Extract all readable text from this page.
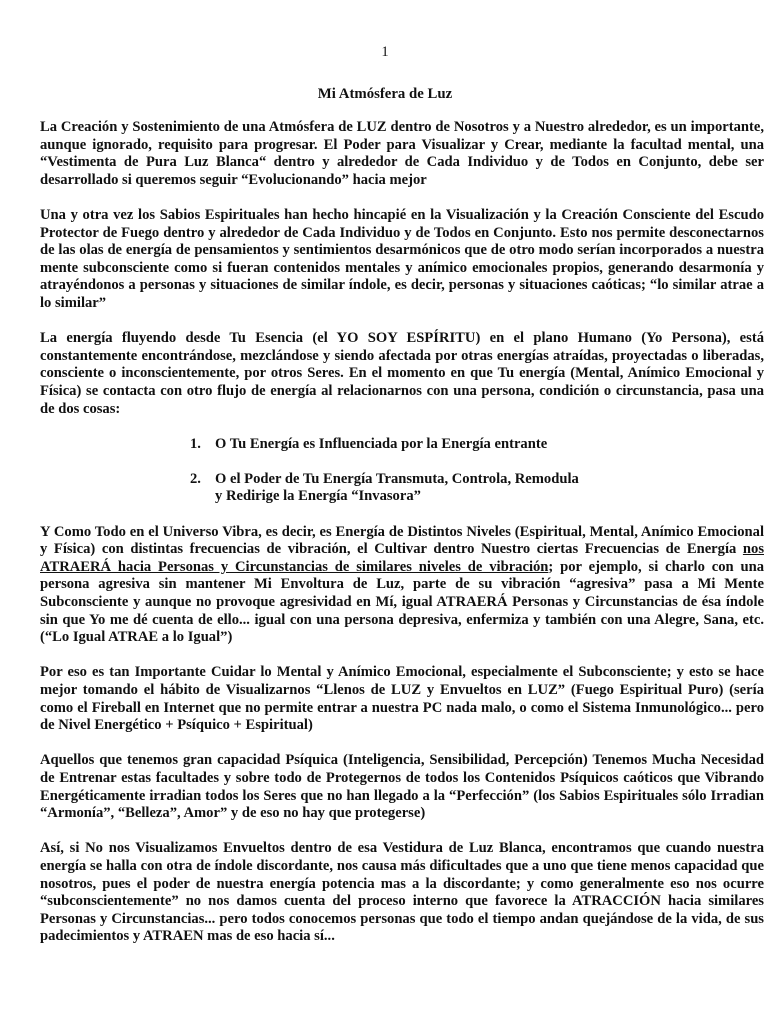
1
Mi Atmósfera de Luz

La Creación y Sostenimiento de una Atmósfera de LUZ dentro de Nosotros y a Nuestro alrededor, es un importante, aunque ignorado, requisito para progresar. El Poder para Visualizar y Crear, mediante la facultad mental, una “Vestimenta de Pura Luz Blanca“ dentro y alrededor de Cada Individuo y de Todos en Conjunto, debe ser desarrollado si queremos seguir “Evolucionando” hacia mejor

Una y otra vez los Sabios Espirituales han hecho hincapié en la Visualización y la Creación Consciente del Escudo Protector de Fuego dentro y alrededor de Cada Individuo y de Todos en Conjunto. Esto nos permite desconectarnos de las olas de energía de pensamientos y sentimientos desarmónicos que de otro modo serían incorporados a nuestra mente subconsciente como si fueran contenidos mentales y anímico emocionales propios, generando desarmonía y atrayéndonos a personas y situaciones de similar índole, es decir, personas y situaciones caóticas; “lo similar atrae a lo similar”

La energía fluyendo desde Tu Esencia (el YO SOY ESPÍRITU) en el plano Humano (Yo Persona), está constantemente encontrándose, mezclándose y siendo afectada por otras energías atraídas, proyectadas o liberadas, consciente o inconscientemente, por otros Seres. En el momento en que Tu energía (Mental, Anímico Emocional y Física) se contacta con otro flujo de energía al relacionarnos con una persona, condición o circunstancia, pasa una de dos cosas:

1. O Tu Energía es Influenciada por la Energía entrante
2. O el Poder de Tu Energía Transmuta, Controla, Remodula
y Redirige la Energía “Invasora”

Y Como Todo en el Universo Vibra, es decir, es Energía de Distintos Niveles (Espiritual, Mental, Anímico Emocional y Física) con distintas frecuencias de vibración, el Cultivar dentro Nuestro ciertas Frecuencias de Energía nos ATRAERÁ hacia Personas y Circunstancias de similares niveles de vibración; por ejemplo, si charlo con una persona agresiva sin mantener Mi Envoltura de Luz, parte de su vibración “agresiva” pasa a Mi Mente Subconsciente y aunque no provoque agresividad en Mí, igual ATRAERÁ Personas y Circunstancias de ésa índole sin que Yo me dé cuenta de ello... igual con una persona depresiva, enfermiza y también con una Alegre, Sana, etc. (“Lo Igual ATRAE a lo Igual”)

Por eso es tan Importante Cuidar lo Mental y Anímico Emocional, especialmente el Subconsciente; y esto se hace mejor tomando el hábito de Visualizarnos “Llenos de LUZ y Envueltos en LUZ” (Fuego Espiritual Puro) (sería como el Fireball en Internet que no permite entrar a nuestra PC nada malo, o como el Sistema Inmunológico... pero de Nivel Energético + Psíquico + Espiritual)

Aquellos que tenemos gran capacidad Psíquica (Inteligencia, Sensibilidad, Percepción) Tenemos Mucha Necesidad de Entrenar estas facultades y sobre todo de Protegernos de todos los Contenidos Psíquicos caóticos que Vibrando Energéticamente irradian todos los Seres que no han llegado a la “Perfección” (los Sabios Espirituales sólo Irradian “Armonía”, “Belleza”, Amor” y de eso no hay que protegerse)

Así, si No nos Visualizamos Envueltos dentro de esa Vestidura de Luz Blanca, encontramos que cuando nuestra energía se halla con otra de índole discordante, nos causa más dificultades que a uno que tiene menos capacidad que nosotros, pues el poder de nuestra energía potencia mas a la discordante; y como generalmente eso nos ocurre “subconscientemente” no nos damos cuenta del proceso interno que favorece la ATRACCIÓN hacia similares Personas y Circunstancias... pero todos conocemos personas que todo el tiempo andan quejándose de la vida, de sus padecimientos y ATRAEN mas de eso hacia sí...
